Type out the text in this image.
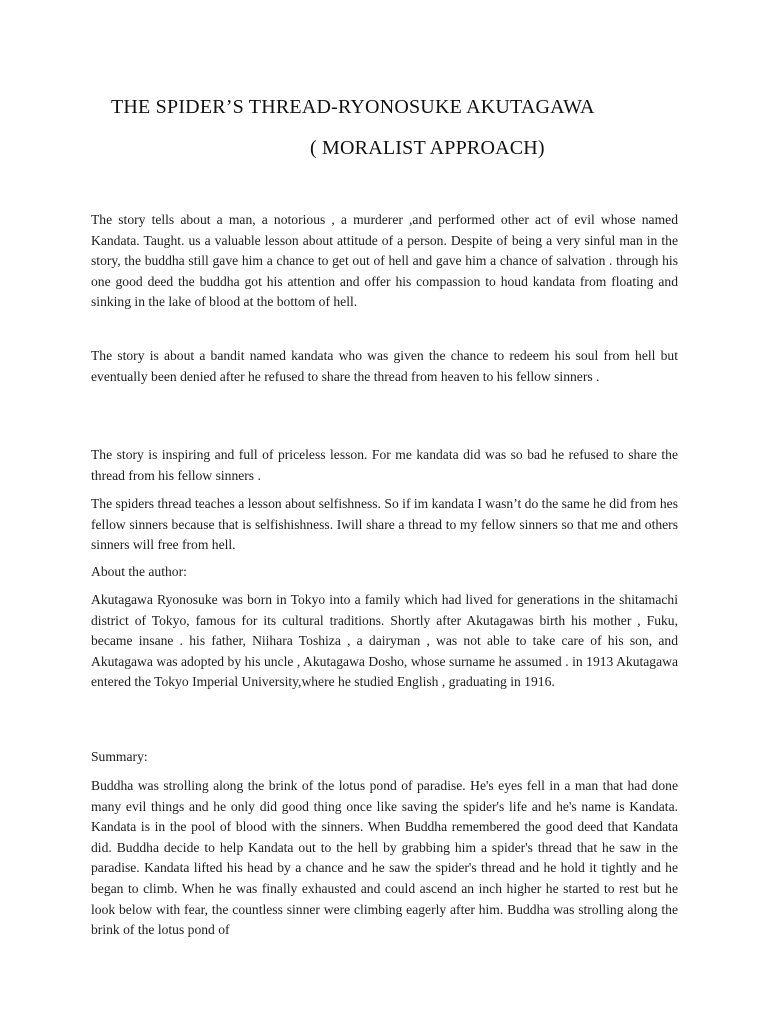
THE SPIDER’S THREAD-RYONOSUKE AKUTAGAWA
( MORALIST APPROACH)

The story tells about a man, a notorious , a murderer ,and performed other act of evil whose named Kandata. Taught. us a valuable lesson about attitude of a person. Despite of being a very sinful man in the story, the buddha still gave him a chance to get out of hell and gave him a chance of salvation . through his one good deed the buddha got his attention and offer his compassion to houd kandata from floating and sinking in the lake of blood at the bottom of hell.

The story is about a bandit named kandata who was given the chance to redeem his soul from hell but eventually been denied after he refused to share the thread from heaven to his fellow sinners .

The story is inspiring and full of priceless lesson. For me kandata did was so bad he refused to share the thread from his fellow sinners .

The spiders thread teaches a lesson about selfishness. So if im kandata I wasn’t do the same he did from hes fellow sinners because that is selfishishness. Iwill share a thread to my fellow sinners so that me and others sinners will free from hell.

About the author:

Akutagawa Ryonosuke was born in Tokyo into a family which had lived for generations in the shitamachi district of Tokyo, famous for its cultural traditions. Shortly after Akutagawas birth his mother , Fuku, became insane . his father, Niihara Toshiza , a dairyman , was not able to take care of his son, and Akutagawa was adopted by his uncle , Akutagawa Dosho, whose surname he assumed . in 1913 Akutagawa entered the Tokyo Imperial University,where he studied English , graduating in 1916.

Summary:

Buddha was strolling along the brink of the lotus pond of paradise. He's eyes fell in a man that had done many evil things and he only did good thing once like saving the spider's life and he's name is Kandata. Kandata is in the pool of blood with the sinners. When Buddha remembered the good deed that Kandata did. Buddha decide to help Kandata out to the hell by grabbing him a spider's thread that he saw in the paradise. Kandata lifted his head by a chance and he saw the spider's thread and he hold it tightly and he began to climb. When he was finally exhausted and could ascend an inch higher he started to rest but he look below with fear, the countless sinner were climbing eagerly after him. Buddha was strolling along the brink of the lotus pond of
